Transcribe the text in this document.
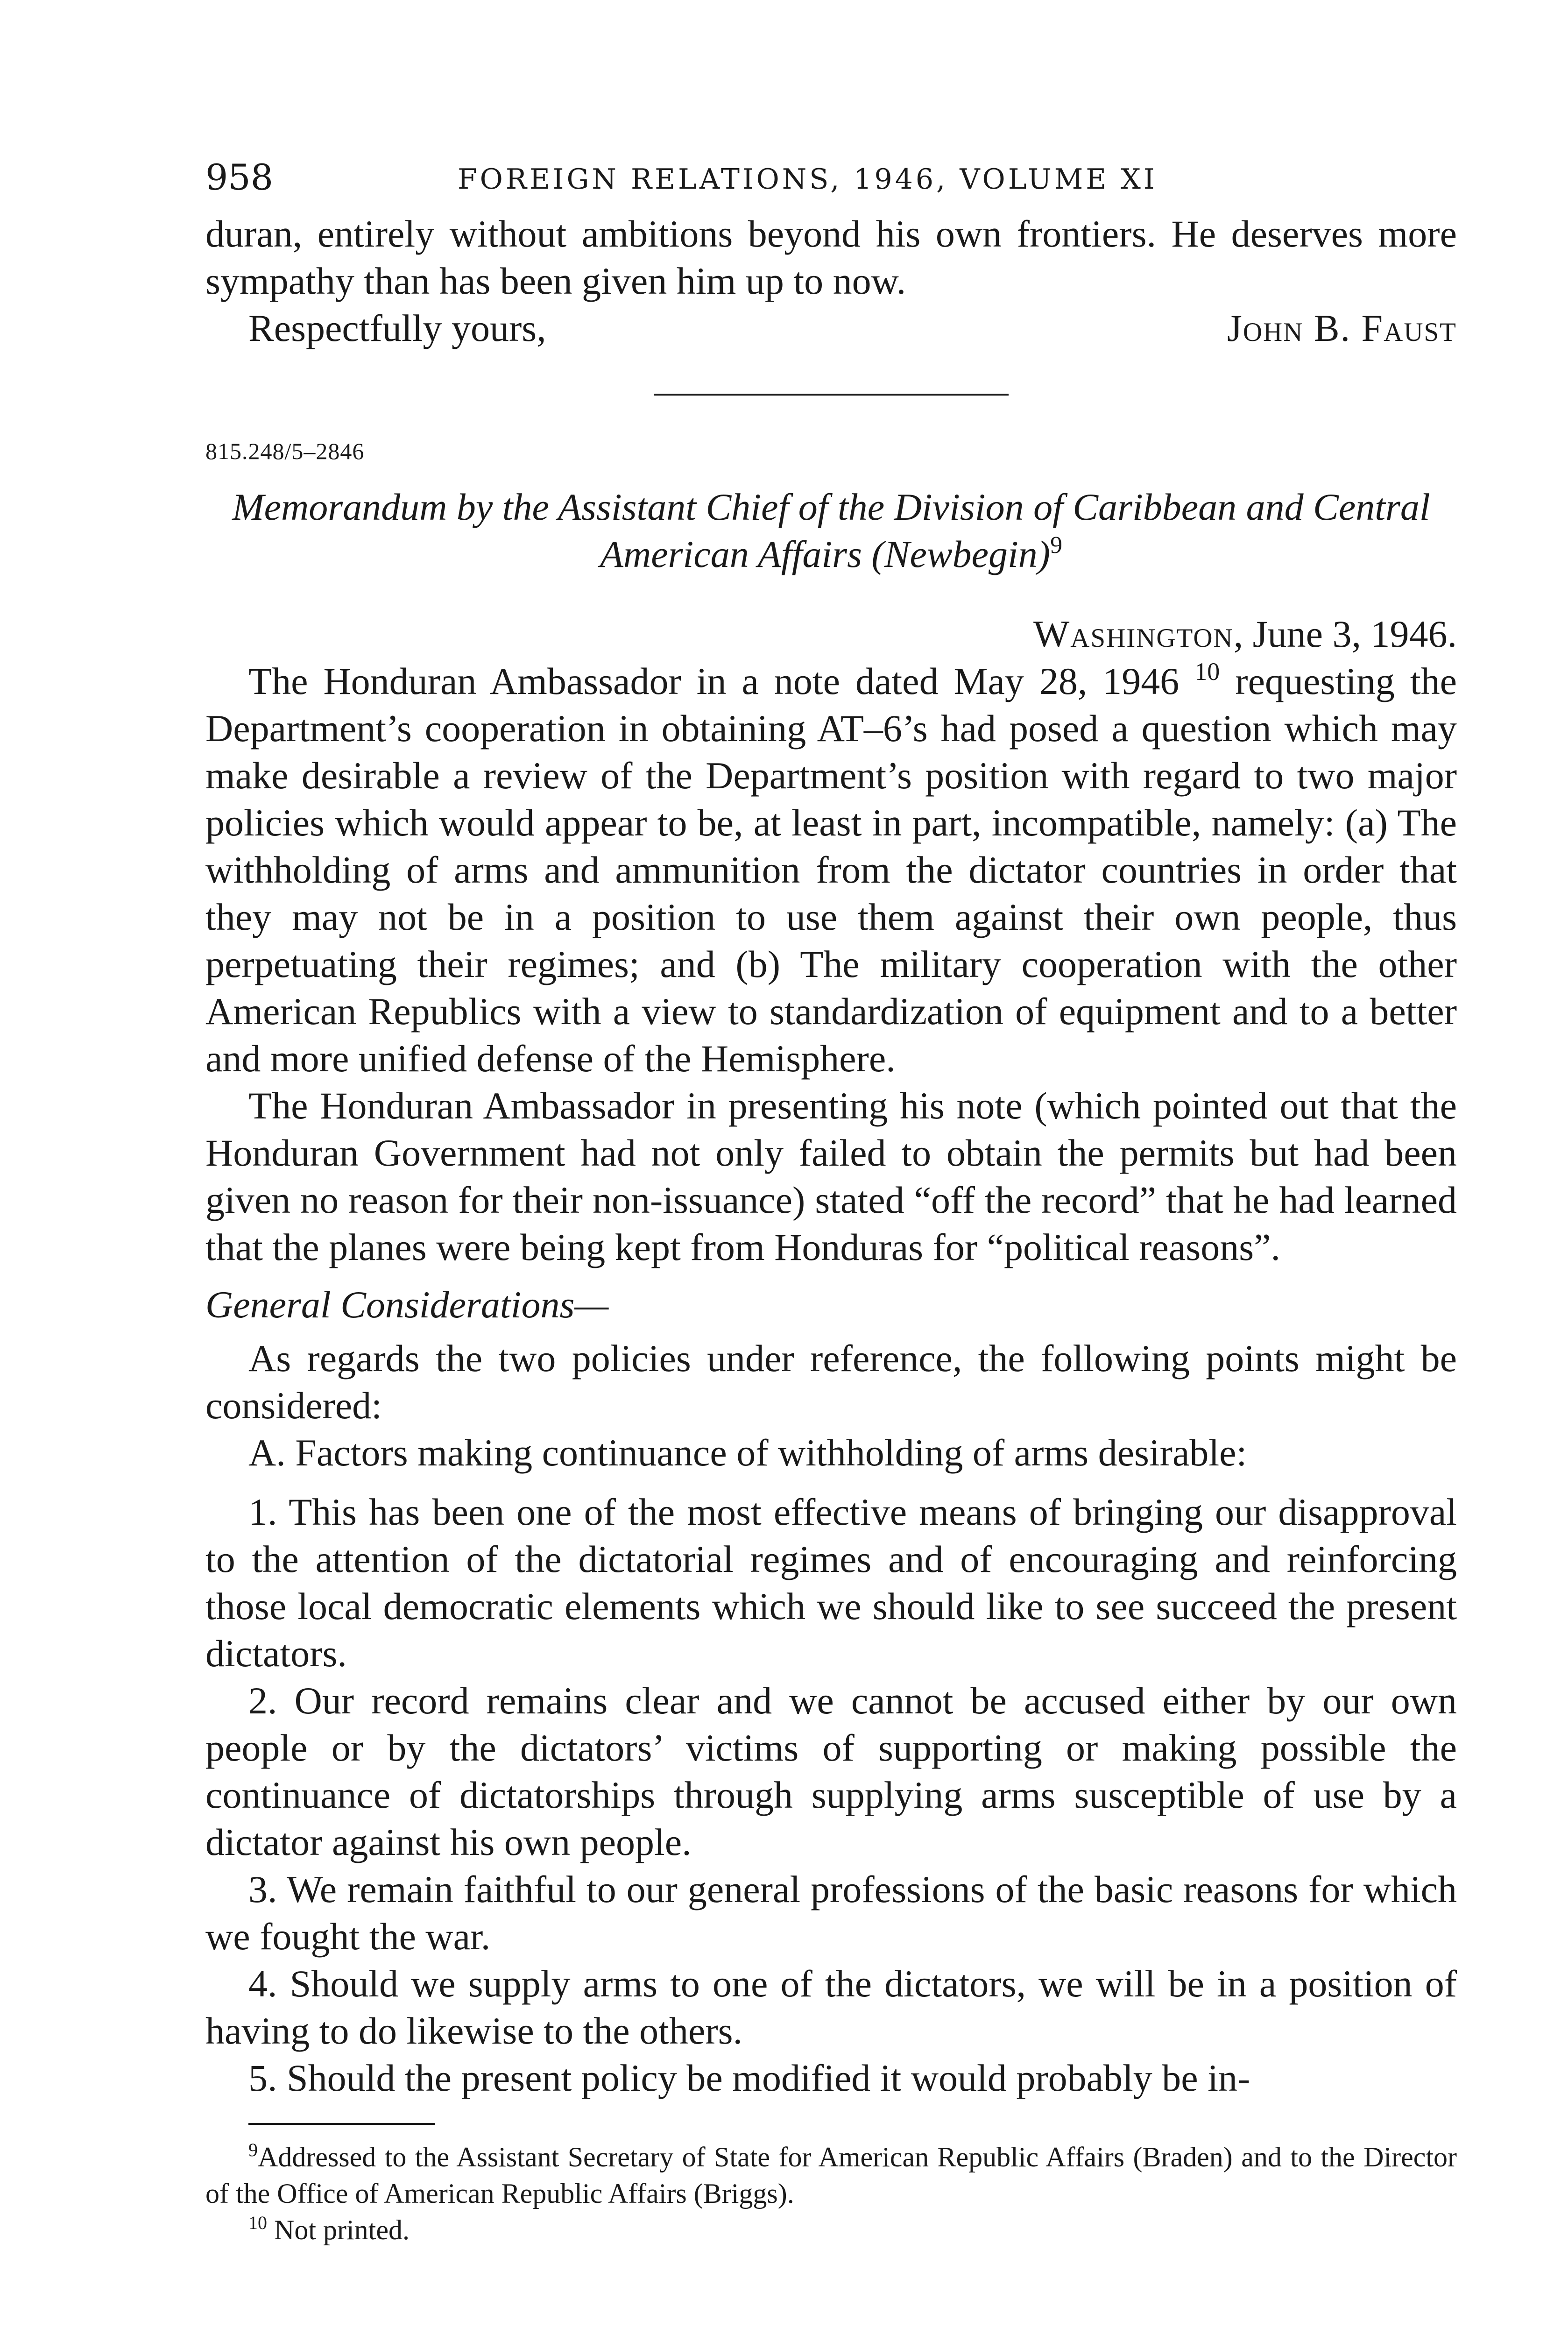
958	FOREIGN RELATIONS, 1946, VOLUME XI

duran, entirely without ambitions beyond his own frontiers. He deserves more sympathy than has been given him up to now.

Respectfully yours,	John B. Faust
815.248/5–2846
Memorandum by the Assistant Chief of the Division of Caribbean and Central American Affairs (Newbegin)$^9$
Washington, June 3, 1946.

The Honduran Ambassador in a note dated May 28, 1946 $^{10}$ requesting the Department’s cooperation in obtaining AT–6’s had posed a question which may make desirable a review of the Department’s position with regard to two major policies which would appear to be, at least in part, incompatible, namely: (a) The withholding of arms and ammunition from the dictator countries in order that they may not be in a position to use them against their own people, thus perpetuating their regimes; and (b) The military cooperation with the other American Republics with a view to standardization of equipment and to a better and more unified defense of the Hemisphere.

The Honduran Ambassador in presenting his note (which pointed out that the Honduran Government had not only failed to obtain the permits but had been given no reason for their non-issuance) stated “off the record” that he had learned that the planes were being kept from Honduras for “political reasons”.

General Considerations—

As regards the two policies under reference, the following points might be considered:

A. Factors making continuance of withholding of arms desirable:

1. This has been one of the most effective means of bringing our disapproval to the attention of the dictatorial regimes and of encouraging and reinforcing those local democratic elements which we should like to see succeed the present dictators.

2. Our record remains clear and we cannot be accused either by our own people or by the dictators’ victims of supporting or making possible the continuance of dictatorships through supplying arms susceptible of use by a dictator against his own people.

3. We remain faithful to our general professions of the basic reasons for which we fought the war.

4. Should we supply arms to one of the dictators, we will be in a position of having to do likewise to the others.

5. Should the present policy be modified it would probably be in-

$^9$Addressed to the Assistant Secretary of State for American Republic Affairs (Braden) and to the Director of the Office of American Republic Affairs (Briggs).

$^{10}$ Not printed.
